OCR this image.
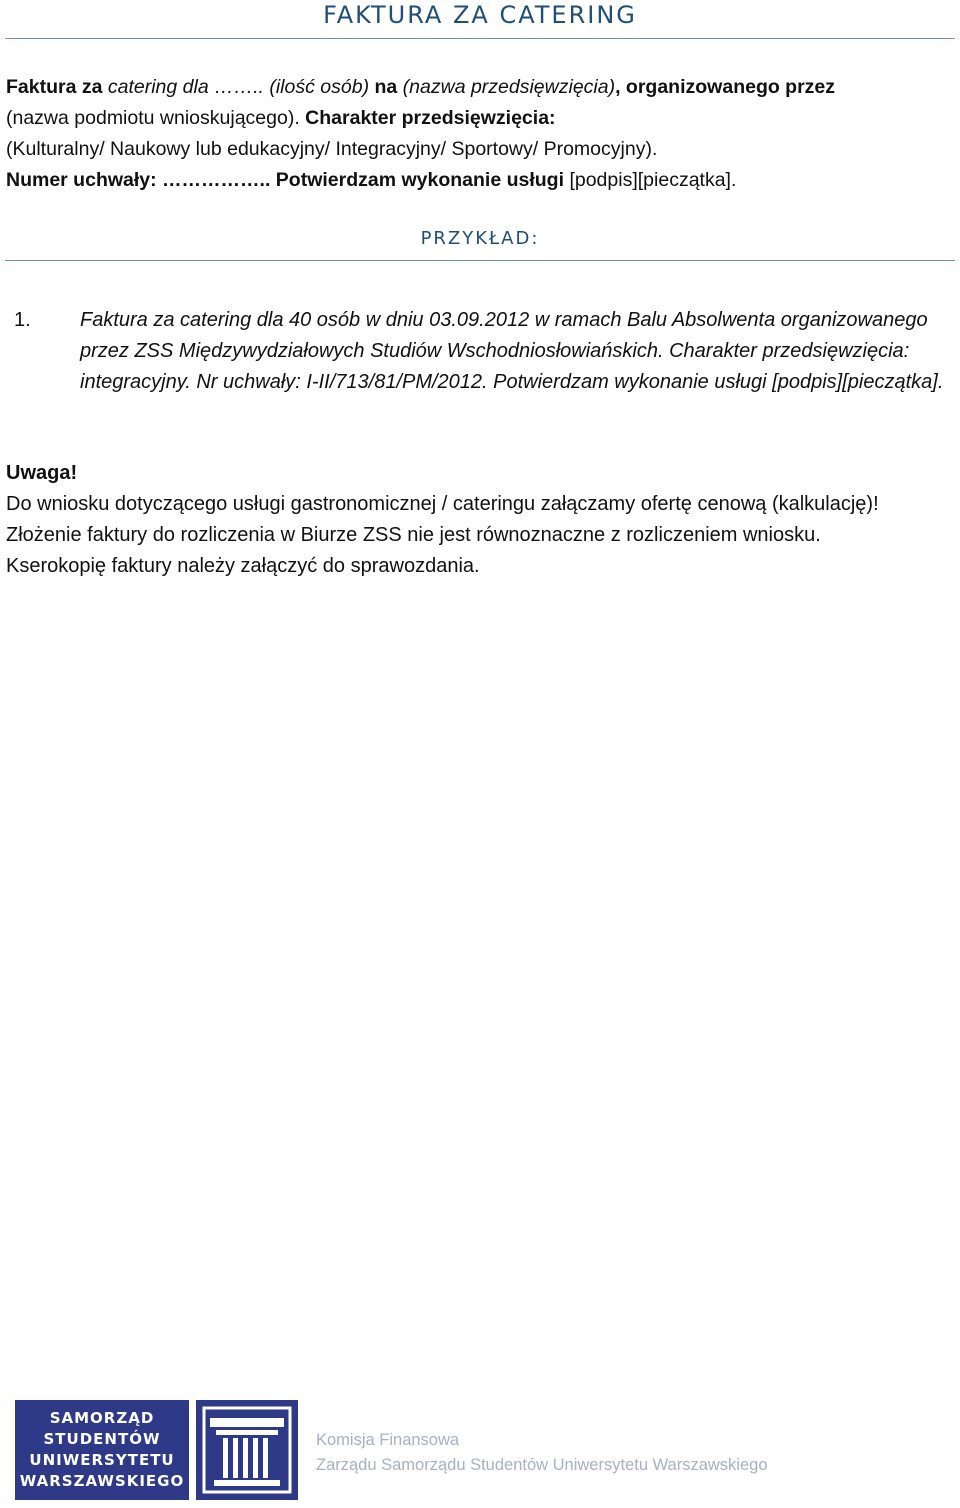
FAKTURA ZA CATERING
Faktura za catering dla …….. (ilość osób) na (nazwa przedsięwzięcia), organizowanego przez
(nazwa podmiotu wnioskującego). Charakter przedsięwzięcia:
(Kulturalny/ Naukowy lub edukacyjny/ Integracyjny/ Sportowy/ Promocyjny).
Numer uchwały: …………….. Potwierdzam wykonanie usługi [podpis][pieczątka].
PRZYKŁAD:
1.	Faktura za catering dla 40 osób w dniu 03.09.2012 w ramach Balu Absolwenta organizowanego przez ZSS Międzywydziałowych Studiów Wschodniosłowiańskich. Charakter przedsięwzięcia: integracyjny. Nr uchwały: I-II/713/81/PM/2012. Potwierdzam wykonanie usługi [podpis][pieczątka].
Uwaga!
Do wniosku dotyczącego usługi gastronomicznej / cateringu załączamy ofertę cenową (kalkulację)!
Złożenie faktury do rozliczenia w Biurze ZSS nie jest równoznaczne z rozliczeniem wniosku.
Kserokopię faktury należy załączyć do sprawozdania.
SAMORZĄD
STUDENTÓW
UNIWERSYTETU
WARSZAWSKIEGO
Komisja Finansowa
Zarządu Samorządu Studentów Uniwersytetu Warszawskiego
